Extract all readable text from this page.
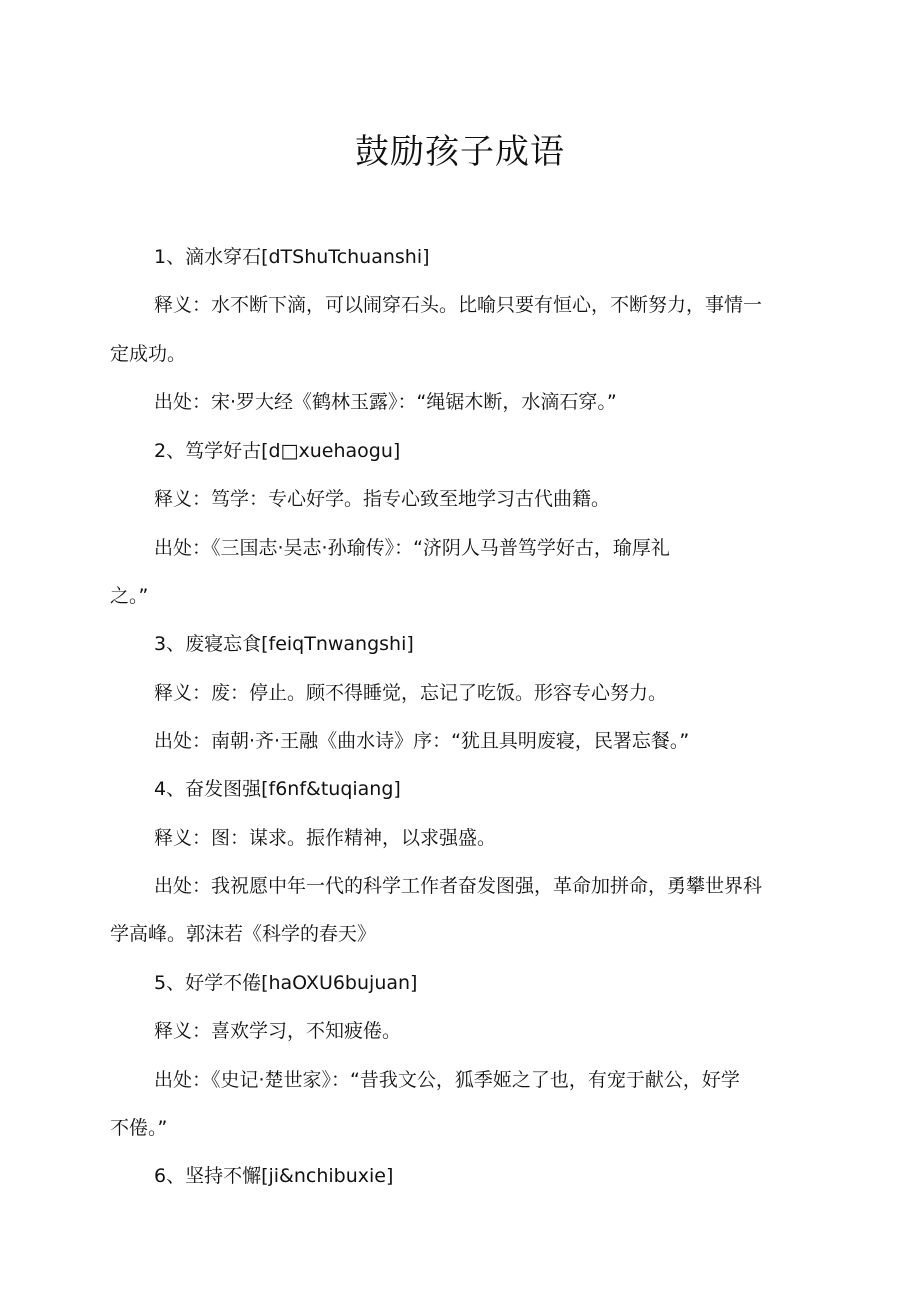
鼓励孩子成语
1、滴水穿石[dTShuTchuanshi]
释义：水不断下滴，可以闹穿石头。比喻只要有恒心，不断努力，事情一
定成功。
出处：宋·罗大经《鹤林玉露》：“绳锯木断，水滴石穿。”
2、笃学好古[d□xuehaogu]
释义：笃学：专心好学。指专心致至地学习古代曲籍。
出处：《三国志·吴志·孙瑜传》：“济阴人马普笃学好古，瑜厚礼
之。”
3、废寝忘食[feiqTnwangshi]
释义：废：停止。顾不得睡觉，忘记了吃饭。形容专心努力。
出处：南朝·齐·王融《曲水诗》序：“犹且具明废寝，民署忘餐。”
4、奋发图强[f6nf&tuqiang]
释义：图：谋求。振作精神，以求强盛。
出处：我祝愿中年一代的科学工作者奋发图强，革命加拼命，勇攀世界科
学高峰。郭沫若《科学的春天》
5、好学不倦[haOXU6bujuan]
释义：喜欢学习，不知疲倦。
出处：《史记·楚世家》：“昔我文公，狐季姬之了也，有宠于献公，好学
不倦。”
6、坚持不懈[ji&nchibuxie]
